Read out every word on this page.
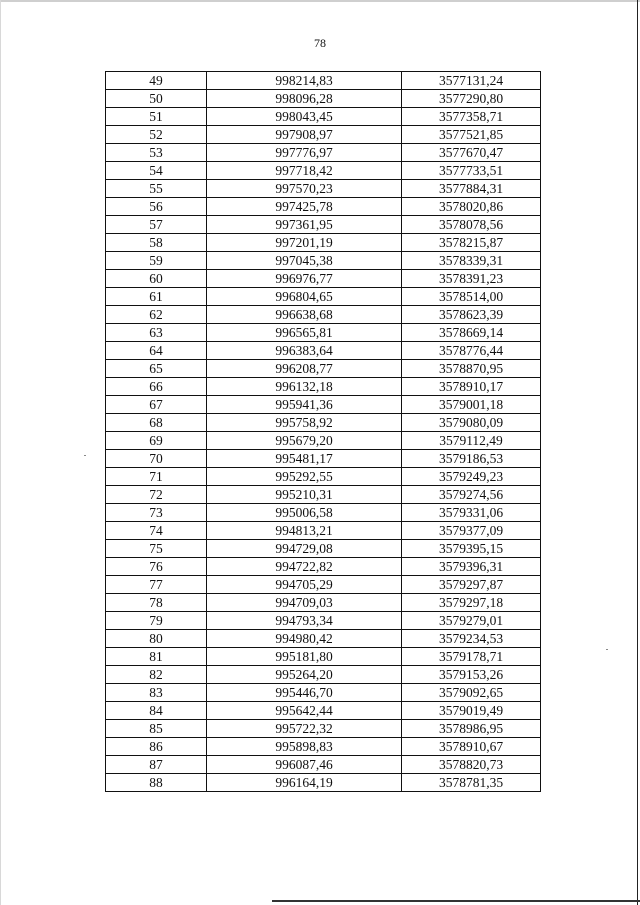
78
49	998214,83	3577131,24
50	998096,28	3577290,80
51	998043,45	3577358,71
52	997908,97	3577521,85
53	997776,97	3577670,47
54	997718,42	3577733,51
55	997570,23	3577884,31
56	997425,78	3578020,86
57	997361,95	3578078,56
58	997201,19	3578215,87
59	997045,38	3578339,31
60	996976,77	3578391,23
61	996804,65	3578514,00
62	996638,68	3578623,39
63	996565,81	3578669,14
64	996383,64	3578776,44
65	996208,77	3578870,95
66	996132,18	3578910,17
67	995941,36	3579001,18
68	995758,92	3579080,09
69	995679,20	3579112,49
70	995481,17	3579186,53
71	995292,55	3579249,23
72	995210,31	3579274,56
73	995006,58	3579331,06
74	994813,21	3579377,09
75	994729,08	3579395,15
76	994722,82	3579396,31
77	994705,29	3579297,87
78	994709,03	3579297,18
79	994793,34	3579279,01
80	994980,42	3579234,53
81	995181,80	3579178,71
82	995264,20	3579153,26
83	995446,70	3579092,65
84	995642,44	3579019,49
85	995722,32	3578986,95
86	995898,83	3578910,67
87	996087,46	3578820,73
88	996164,19	3578781,35
